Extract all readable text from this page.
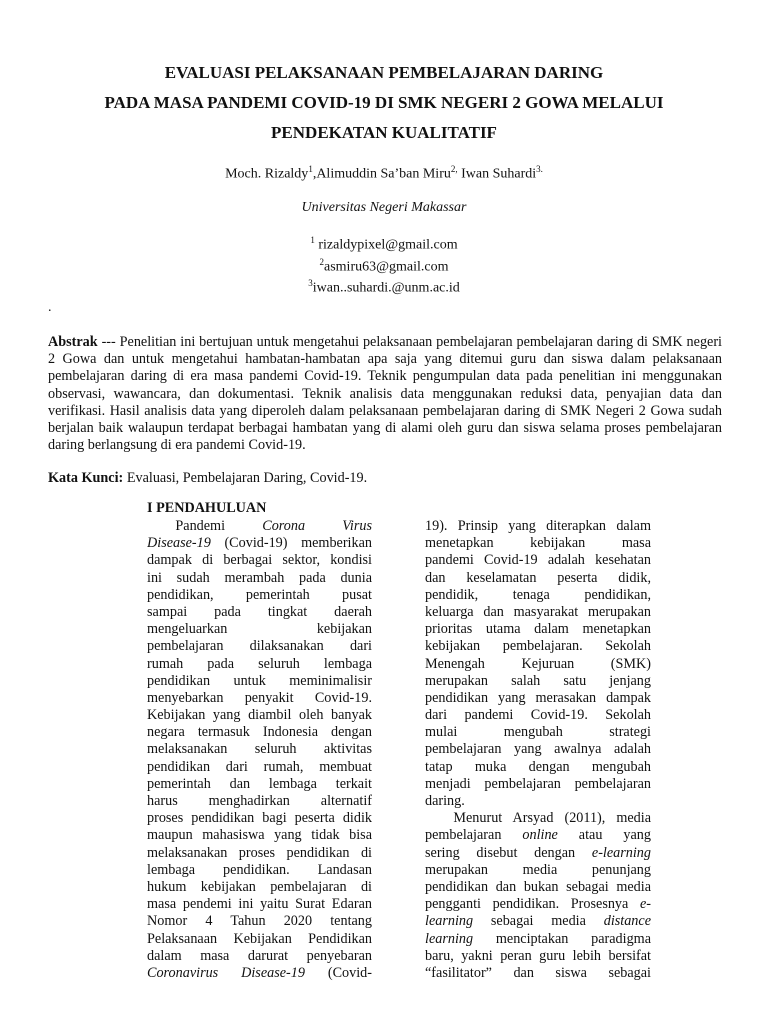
EVALUASI PELAKSANAAN PEMBELAJARAN DARING
PADA MASA PANDEMI COVID-19 DI SMK NEGERI 2 GOWA MELALUI
PENDEKATAN KUALITATIF
Moch. Rizaldy$^1$,Alimuddin Sa’ban Miru$^{2,}$ Iwan Suhardi$^{3.}$
Universitas Negeri Makassar
$^1$ rizaldypixel@gmail.com
$^2$asmiru63@gmail.com
$^3$iwan..suhardi.@unm.ac.id
.
Abstrak --- Penelitian ini bertujuan untuk mengetahui pelaksanaan pembelajaran pembelajaran daring di SMK negeri 2 Gowa dan untuk mengetahui hambatan-hambatan apa saja yang ditemui guru dan siswa dalam pelaksanaan pembelajaran daring di era masa pandemi Covid-19. Teknik pengumpulan data pada penelitian ini menggunakan observasi, wawancara, dan dokumentasi. Teknik analisis data menggunakan reduksi data, penyajian data dan verifikasi. Hasil analisis data yang diperoleh dalam pelaksanaan pembelajaran daring di SMK Negeri 2 Gowa sudah berjalan baik walaupun terdapat berbagai hambatan yang di alami oleh guru dan siswa selama proses pembelajaran daring berlangsung di era pandemi Covid-19.
Kata Kunci: Evaluasi, Pembelajaran Daring, Covid-19.
I PENDAHULUAN
  Pandemi Corona Virus
Disease-19 (Covid-19) memberikan
dampak di berbagai sektor, kondisi
ini sudah merambah pada dunia
pendidikan, pemerintah pusat
sampai pada tingkat daerah
mengeluarkan kebijakan
pembelajaran dilaksanakan dari
rumah pada seluruh lembaga
pendidikan untuk meminimalisir
menyebarkan penyakit Covid-19.
Kebijakan yang diambil oleh banyak
negara termasuk Indonesia dengan
melaksanakan seluruh aktivitas
pendidikan dari rumah, membuat
pemerintah dan lembaga terkait
harus menghadirkan alternatif
proses pendidikan bagi peserta didik
maupun mahasiswa yang tidak bisa
melaksanakan proses pendidikan di
lembaga pendidikan. Landasan
hukum kebijakan pembelajaran di
masa pendemi ini yaitu Surat Edaran
Nomor 4 Tahun 2020 tentang
Pelaksanaan Kebijakan Pendidikan
dalam masa darurat penyebaran
Coronavirus Disease-19 (Covid-
19). Prinsip yang diterapkan dalam
menetapkan kebijakan masa
pandemi Covid-19 adalah kesehatan
dan keselamatan peserta didik,
pendidik, tenaga pendidikan,
keluarga dan masyarakat merupakan
prioritas utama dalam menetapkan
kebijakan pembelajaran. Sekolah
Menengah Kejuruan (SMK)
merupakan salah satu jenjang
pendidikan yang merasakan dampak
dari pandemi Covid-19. Sekolah
mulai mengubah strategi
pembelajaran yang awalnya adalah
tatap muka dengan mengubah
menjadi pembelajaran pembelajaran
daring.
  Menurut Arsyad (2011), media
pembelajaran online atau yang
sering disebut dengan e-learning
merupakan media penunjang
pendidikan dan bukan sebagai media
pengganti pendidikan. Prosesnya e-
learning sebagai media distance
learning menciptakan paradigma
baru, yakni peran guru lebih bersifat
“fasilitator” dan siswa sebagai
